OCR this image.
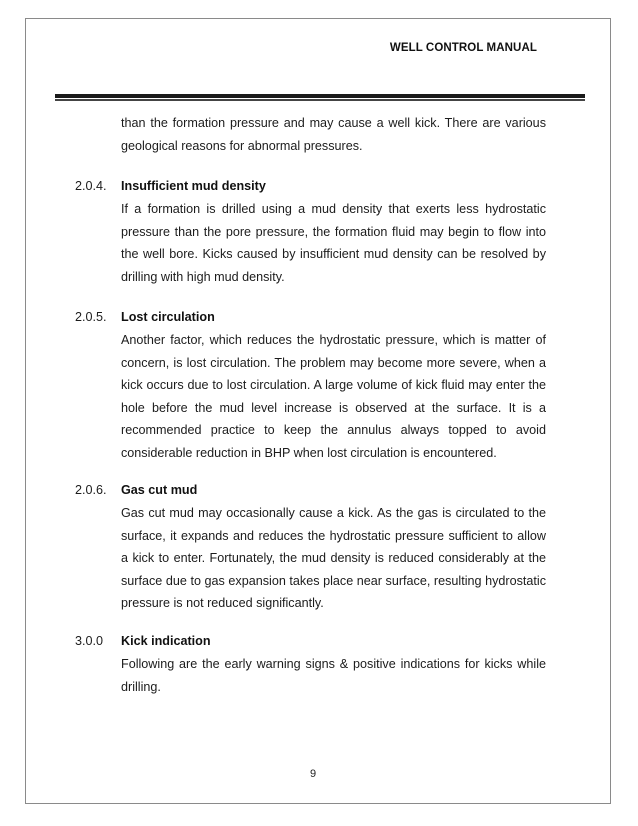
WELL CONTROL MANUAL

than the formation pressure and may cause a well kick. There are various geological reasons for abnormal pressures.

2.0.4. Insufficient mud density

If a formation is drilled using a mud density that exerts less hydrostatic pressure than the pore pressure, the formation fluid may begin to flow into the well bore. Kicks caused by insufficient mud density can be resolved by drilling with high mud density.

2.0.5. Lost circulation

Another factor, which reduces the hydrostatic pressure, which is matter of concern, is lost circulation. The problem may become more severe, when a kick occurs due to lost circulation. A large volume of kick fluid may enter the hole before the mud level increase is observed at the surface. It is a recommended practice to keep the annulus always topped to avoid considerable reduction in BHP when lost circulation is encountered.

2.0.6. Gas cut mud

Gas cut mud may occasionally cause a kick. As the gas is circulated to the surface, it expands and reduces the hydrostatic pressure sufficient to allow a kick to enter. Fortunately, the mud density is reduced considerably at the surface due to gas expansion takes place near surface, resulting hydrostatic pressure is not reduced significantly.

3.0.0 Kick indication

Following are the early warning signs & positive indications for kicks while drilling.

9
